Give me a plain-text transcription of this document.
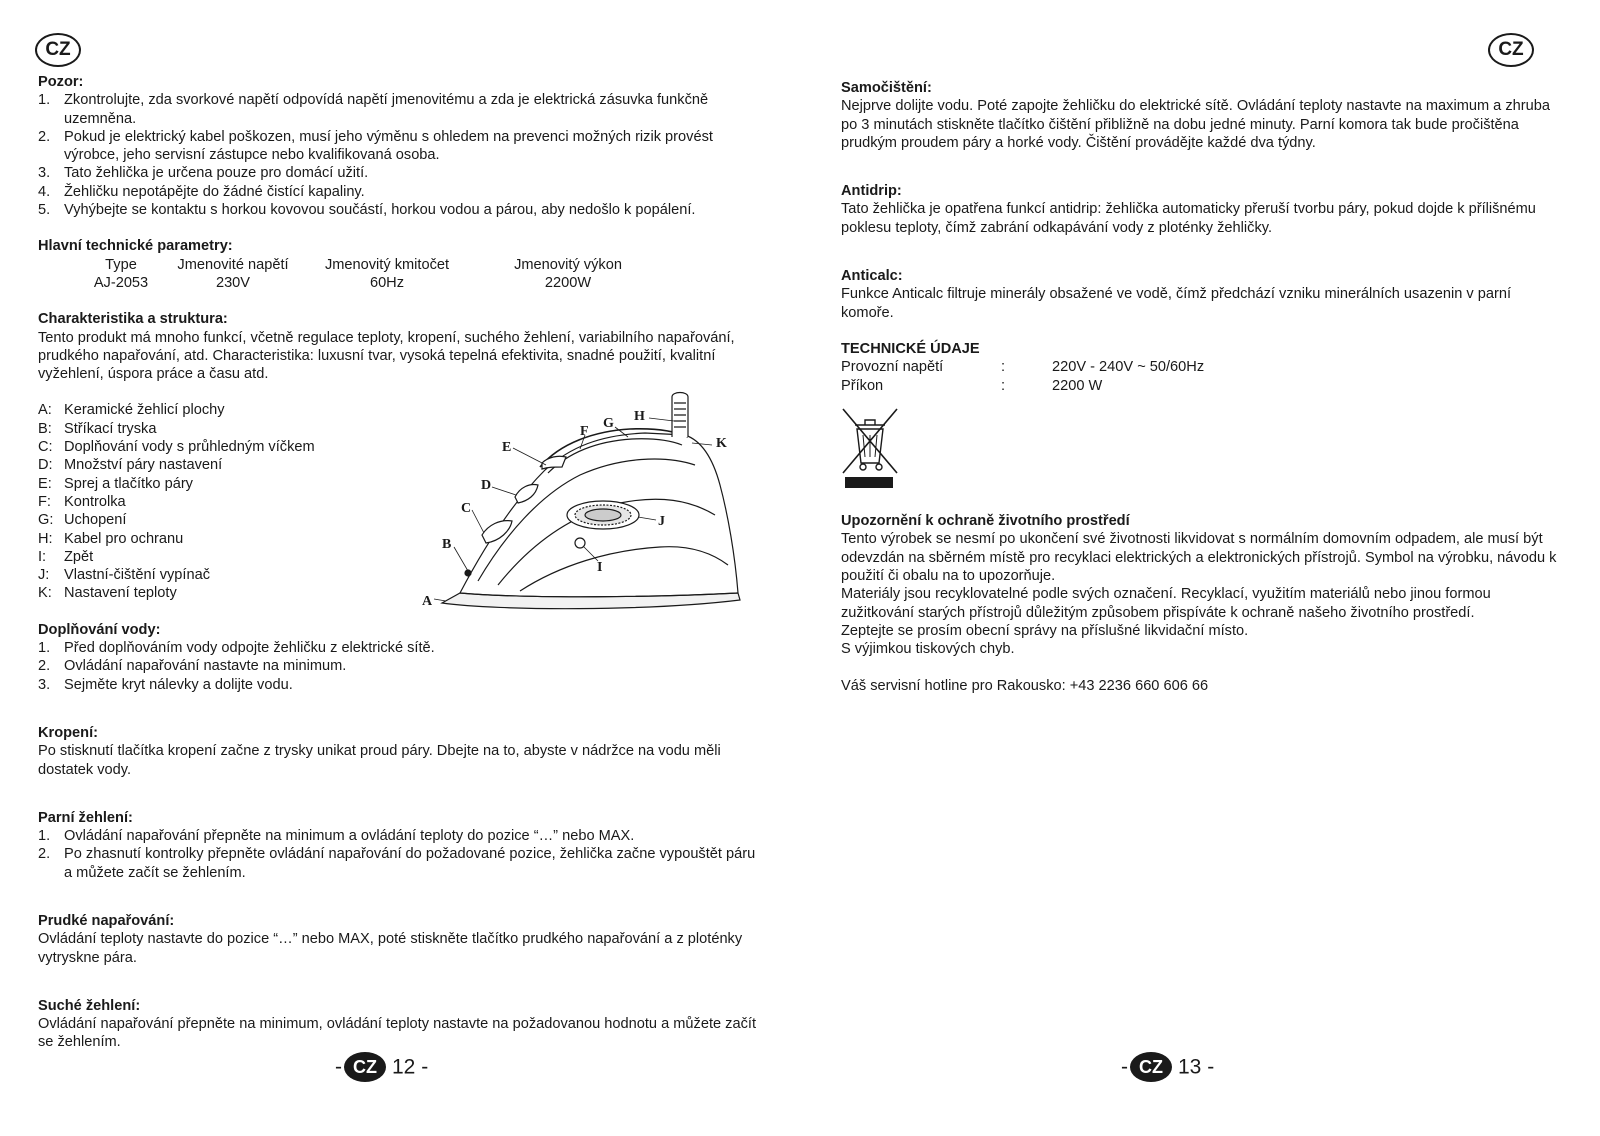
CZ

Pozor:

1. Zkontrolujte, zda svorkové napětí odpovídá napětí jmenovitému a zda je elektrická zásuvka funkčně uzemněna.
2. Pokud je elektrický kabel poškozen, musí jeho výměnu s ohledem na prevenci možných rizik provést výrobce, jeho servisní zástupce nebo kvalifikovaná osoba.
3. Tato žehlička je určena pouze pro domácí užití.
4. Žehličku nepotápějte do žádné čistící kapaliny.
5. Vyhýbejte se kontaktu s horkou kovovou součástí, horkou vodou a párou, aby nedošlo k popálení.

Hlavní technické parametry:

Type	Jmenovité napětí	Jmenovitý kmitočet	Jmenovitý výkon
AJ-2053	230V	60Hz	2200W

Charakteristika a struktura:

Tento produkt má mnoho funkcí, včetně regulace teploty, kropení, suchého žehlení, variabilního napařování, prudkého napařování, atd. Characteristika: luxusní tvar, vysoká tepelná efektivita, snadné použití, kvalitní vyžehlení, úspora práce a času atd.

A: Keramické žehlicí plochy
B: Stříkací tryska
C: Doplňování vody s průhledným víčkem
D: Množství páry nastavení
E: Sprej a tlačítko páry
F: Kontrolka
G: Uchopení
H: Kabel pro ochranu
I: Zpět
J: Vlastní-čištění vypínač
K: Nastavení teploty

Doplňování vody:

1. Před doplňováním vody odpojte žehličku z elektrické sítě.
2. Ovládání napařování nastavte na minimum.
3. Sejměte kryt nálevky a dolijte vodu.

Kropení:

Po stisknutí tlačítka kropení začne z trysky unikat proud páry. Dbejte na to, abyste v nádržce na vodu měli dostatek vody.

Parní žehlení:

1. Ovládání napařování přepněte na minimum a ovládání teploty do pozice “…” nebo MAX.
2. Po zhasnutí kontrolky přepněte ovládání napařování do požadované pozice, žehlička začne vypouštět páru a můžete začít se žehlením.

Prudké napařování:

Ovládání teploty nastavte do pozice “…” nebo MAX, poté stiskněte tlačítko prudkého napařování a z ploténky vytryskne pára.

Suché žehlení:

Ovládání napařování přepněte na minimum, ovládání teploty nastavte na požadovanou hodnotu a můžete začít se žehlením.

A
B
C
D
E
F
G H
I
J
K
- CZ 12 -
CZ

Samočištění:

Nejprve dolijte vodu. Poté zapojte žehličku do elektrické sítě. Ovládání teploty nastavte na maximum a zhruba po 3 minutách stiskněte tlačítko čištění přibližně na dobu jedné minuty. Parní komora tak bude pročištěna prudkým proudem páry a horké vody. Čištění provádějte každé dva týdny.

Antidrip:

Tato žehlička je opatřena funkcí antidrip: žehlička automaticky přeruší tvorbu páry, pokud dojde k přílišnému poklesu teploty, čímž zabrání odkapávání vody z ploténky žehličky.

Anticalc:

Funkce Anticalc filtruje minerály obsažené ve vodě, čímž předchází vzniku minerálních usazenin v parní komoře.

TECHNICKÉ ÚDAJE

Provozní napětí	:	220V - 240V ~ 50/60Hz
Příkon	:	2200 W

Upozornění k ochraně životního prostředí

Tento výrobek se nesmí po ukončení své životnosti likvidovat s normálním domovním odpadem, ale musí být odevzdán na sběrném místě pro recyklaci elektrických a elektronických přístrojů. Symbol na výrobku, návodu k použití či obalu na to upozorňuje.

Materiály jsou recyklovatelné podle svých označení. Recyklací, využitím materiálů nebo jinou formou zužitkování starých přístrojů důležitým způsobem přispíváte k ochraně našeho životního prostředí.

Zeptejte se prosím obecní správy na příslušné likvidační místo.

S výjimkou tiskových chyb.

Váš servisní hotline pro Rakousko: +43 2236 660 606 66

- CZ 13 -
